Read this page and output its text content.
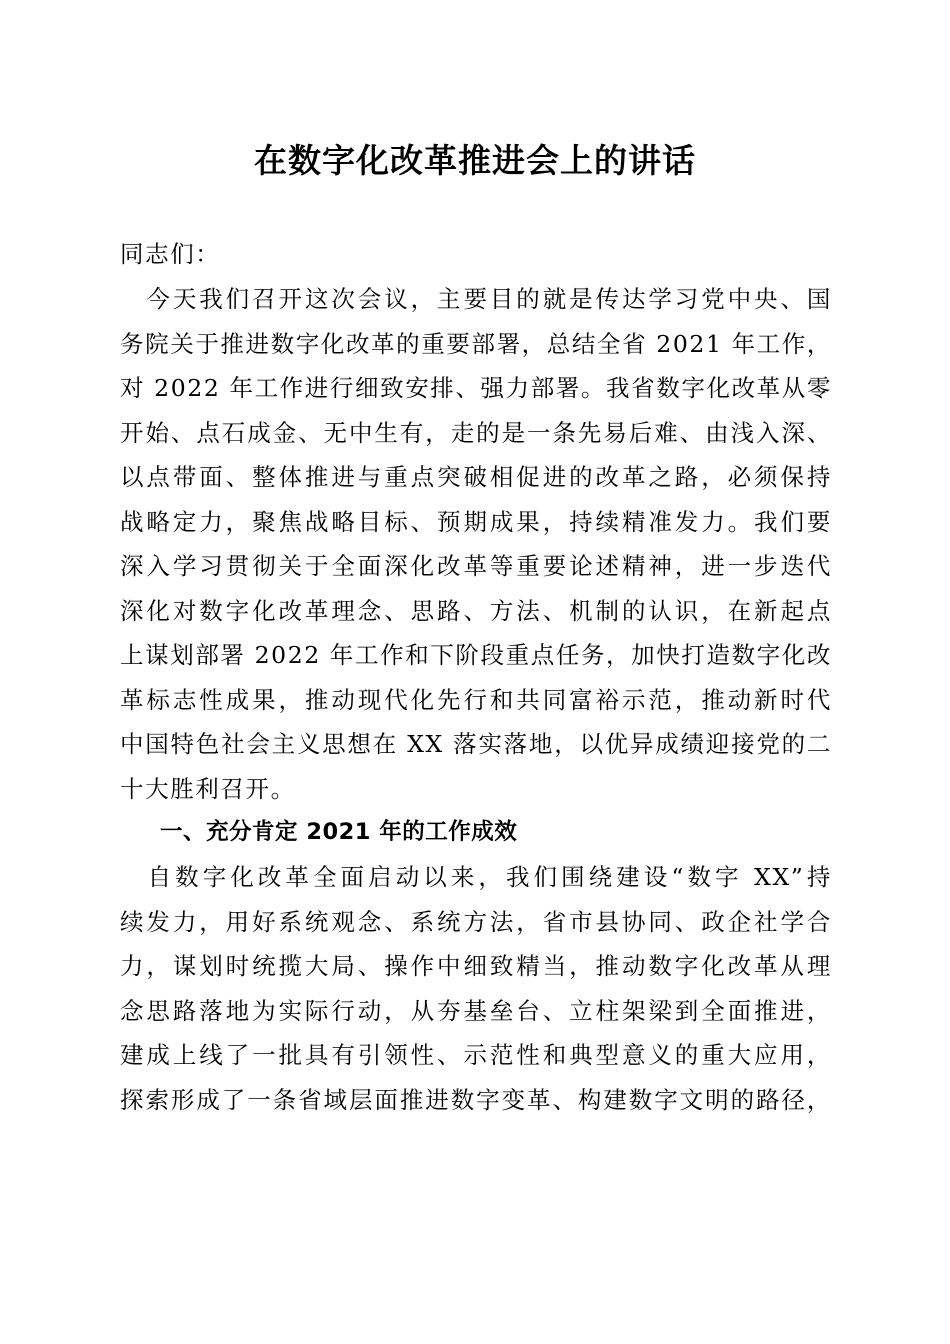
在数字化改革推进会上的讲话
同志们：
　今天我们召开这次会议，主要目的就是传达学习党中央、国
务院关于推进数字化改革的重要部署，总结全省 2021 年工作，
对 2022 年工作进行细致安排、强力部署。我省数字化改革从零
开始、点石成金、无中生有，走的是一条先易后难、由浅入深、
以点带面、整体推进与重点突破相促进的改革之路，必须保持
战略定力，聚焦战略目标、预期成果，持续精准发力。我们要
深入学习贯彻关于全面深化改革等重要论述精神，进一步迭代
深化对数字化改革理念、思路、方法、机制的认识，在新起点
上谋划部署 2022 年工作和下阶段重点任务，加快打造数字化改
革标志性成果，推动现代化先行和共同富裕示范，推动新时代
中国特色社会主义思想在 XX 落实落地，以优异成绩迎接党的二
十大胜利召开。
一、充分肯定 2021 年的工作成效
　自数字化改革全面启动以来，我们围绕建设“数字 XX”持
续发力，用好系统观念、系统方法，省市县协同、政企社学合
力，谋划时统揽大局、操作中细致精当，推动数字化改革从理
念思路落地为实际行动，从夯基垒台、立柱架梁到全面推进，
建成上线了一批具有引领性、示范性和典型意义的重大应用，
探索形成了一条省域层面推进数字变革、构建数字文明的路径，
